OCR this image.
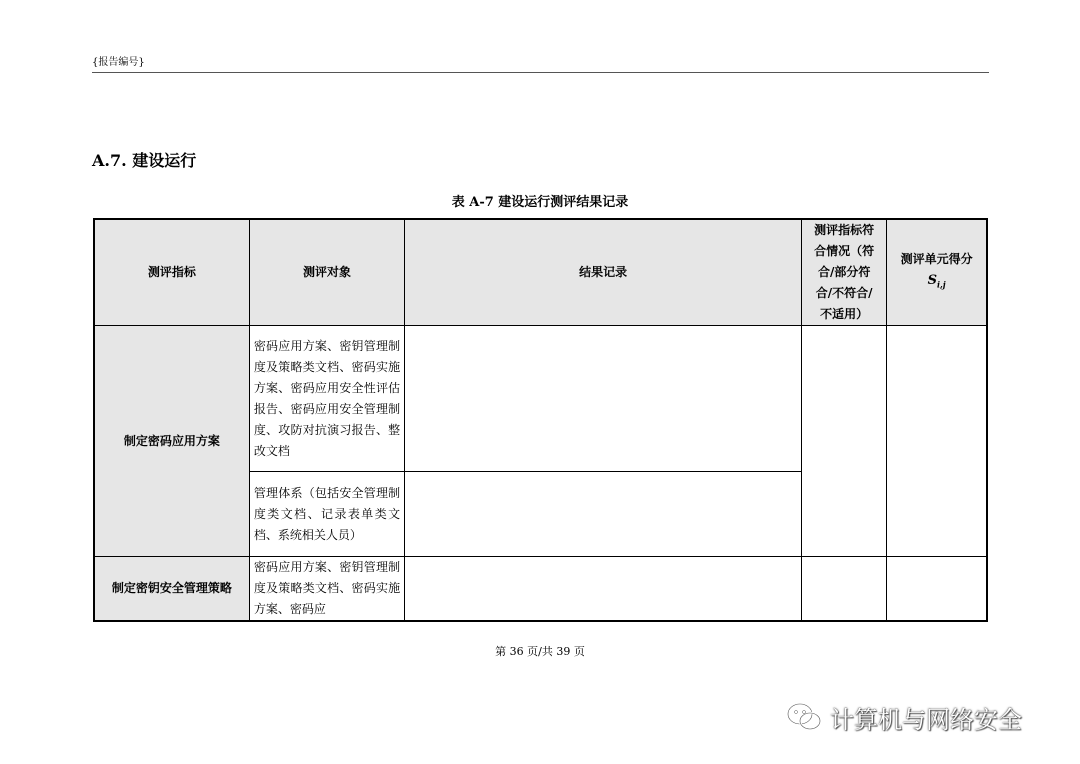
{报告编号}
A.7. 建设运行
表 A-7 建设运行测评结果记录
测评指标	测评对象	结果记录	测评指标符合情况（符合/部分符合/不符合/不适用）	测评单元得分
$S_{i,j}$

制定密码应用方案	密码应用方案、密钥管理制度及策略类文档、密码实施方案、密码应用安全性评估报告、密码应用安全管理制度、攻防对抗演习报告、整改文档			
	管理体系（包括安全管理制度类文档、记录表单类文档、系统相关人员）			
制定密钥安全管理策略	密码应用方案、密钥管理制度及策略类文档、密码实施方案、密码应			
第 36 页/共 39 页
计算机与网络安全
